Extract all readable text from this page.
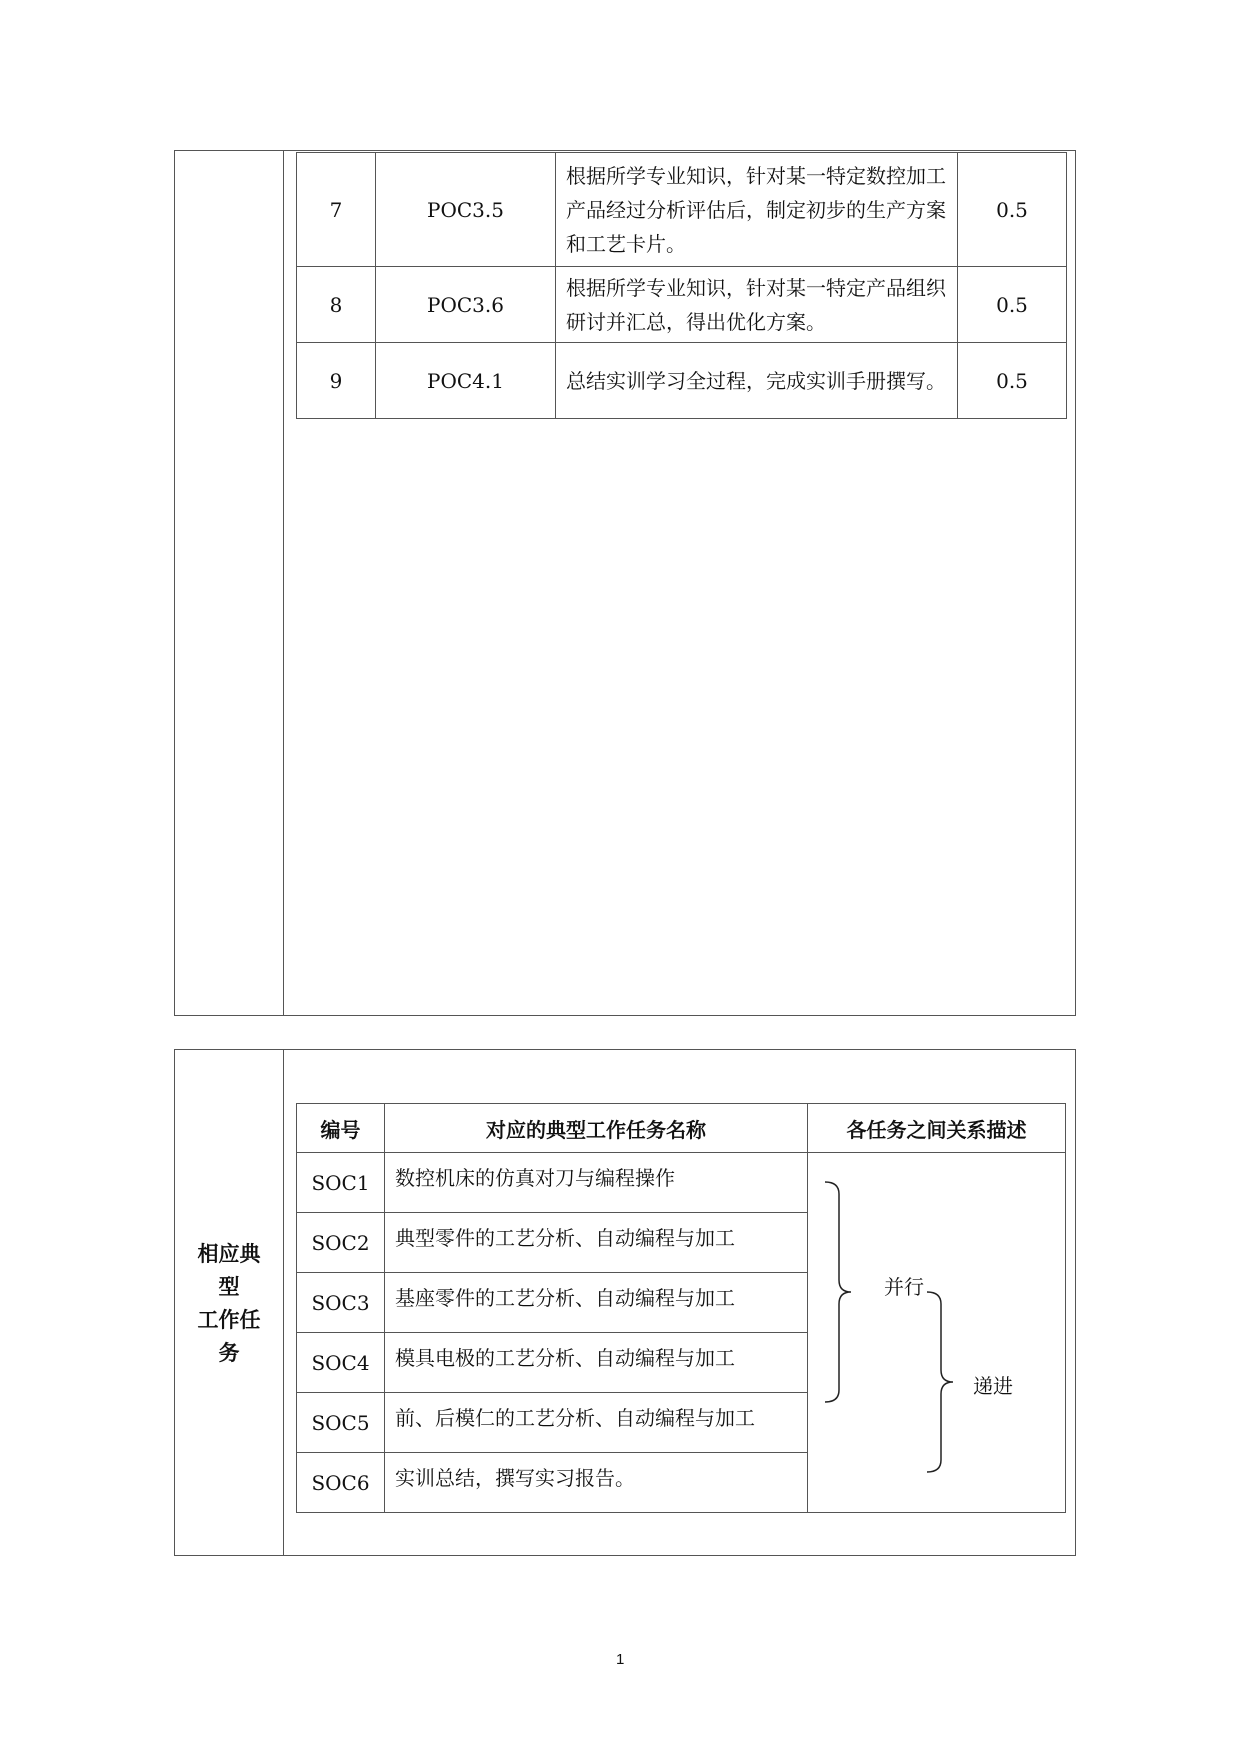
7	POC3.5	根据所学专业知识，针对某一特定数控加工产品经过分析评估后，制定初步的生产方案和工艺卡片。	0.5
8	POC3.6	根据所学专业知识，针对某一特定产品组织研讨并汇总，得出优化方案。	0.5
9	POC4.1	总结实训学习全过程，完成实训手册撰写。	0.5
相应典
型
工作任
务
编号	对应的典型工作任务名称	各任务之间关系描述
SOC1	数控机床的仿真对刀与编程操作	
SOC2	典型零件的工艺分析、自动编程与加工	
SOC3	基座零件的工艺分析、自动编程与加工	
SOC4	模具电极的工艺分析、自动编程与加工	
SOC5	前、后模仁的工艺分析、自动编程与加工	
SOC6	实训总结，撰写实习报告。	
并行
递进
1
